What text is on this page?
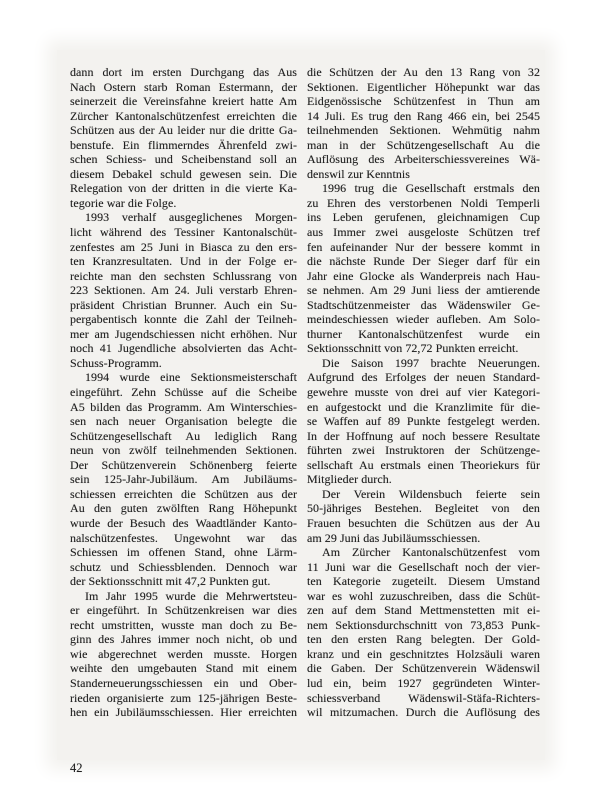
dann dort im ersten Durchgang das Aus
Nach Ostern starb Roman Estermann, der
seinerzeit die Vereinsfahne kreiert hatte Am
Zürcher Kantonalschützenfest erreichten die
Schützen aus der Au leider nur die dritte Ga-
benstufe. Ein flimmerndes Ährenfeld zwi-
schen Schiess- und Scheibenstand soll an
diesem Debakel schuld gewesen sein. Die
Relegation von der dritten in die vierte Ka-
tegorie war die Folge.
1993 verhalf ausgeglichenes Morgen-
licht während des Tessiner Kantonalschüt-
zenfestes am 25 Juni in Biasca zu den ers-
ten Kranzresultaten. Und in der Folge er-
reichte man den sechsten Schlussrang von
223 Sektionen. Am 24. Juli verstarb Ehren-
präsident Christian Brunner. Auch ein Su-
pergabentisch konnte die Zahl der Teilneh-
mer am Jugendschiessen nicht erhöhen. Nur
noch 41 Jugendliche absolvierten das Acht-
Schuss-Programm.
1994 wurde eine Sektionsmeisterschaft
eingeführt. Zehn Schüsse auf die Scheibe
A5 bilden das Programm. Am Winterschies-
sen nach neuer Organisation belegte die
Schützengesellschaft Au lediglich Rang
neun von zwölf teilnehmenden Sektionen.
Der Schützenverein Schönenberg feierte
sein 125-Jahr-Jubiläum. Am Jubiläums-
schiessen erreichten die Schützen aus der
Au den guten zwölften Rang Höhepunkt
wurde der Besuch des Waadtländer Kanto-
nalschützenfestes. Ungewohnt war das
Schiessen im offenen Stand, ohne Lärm-
schutz und Schiessblenden. Dennoch war
der Sektionsschnitt mit 47,2 Punkten gut.
Im Jahr 1995 wurde die Mehrwertsteu-
er eingeführt. In Schützenkreisen war dies
recht umstritten, wusste man doch zu Be-
ginn des Jahres immer noch nicht, ob und
wie abgerechnet werden musste. Horgen
weihte den umgebauten Stand mit einem
Standerneuerungsschiessen ein und Ober-
rieden organisierte zum 125-jährigen Beste-
hen ein Jubiläumsschiessen. Hier erreichten
die Schützen der Au den 13 Rang von 32
Sektionen. Eigentlicher Höhepunkt war das
Eidgenössische Schützenfest in Thun am
14 Juli. Es trug den Rang 466 ein, bei 2545
teilnehmenden Sektionen. Wehmütig nahm
man in der Schützengesellschaft Au die
Auflösung des Arbeiterschiessvereines Wä-
denswil zur Kenntnis
1996 trug die Gesellschaft erstmals den
zu Ehren des verstorbenen Noldi Temperli
ins Leben gerufenen, gleichnamigen Cup
aus Immer zwei ausgeloste Schützen tref
fen aufeinander Nur der bessere kommt in
die nächste Runde Der Sieger darf für ein
Jahr eine Glocke als Wanderpreis nach Hau-
se nehmen. Am 29 Juni liess der amtierende
Stadtschützenmeister das Wädenswiler Ge-
meindeschiessen wieder aufleben. Am Solo-
thurner Kantonalschützenfest wurde ein
Sektionsschnitt von 72,72 Punkten erreicht.
Die Saison 1997 brachte Neuerungen.
Aufgrund des Erfolges der neuen Standard-
gewehre musste von drei auf vier Kategori-
en aufgestockt und die Kranzlimite für die-
se Waffen auf 89 Punkte festgelegt werden.
In der Hoffnung auf noch bessere Resultate
führten zwei Instruktoren der Schützenge-
sellschaft Au erstmals einen Theoriekurs für
Mitglieder durch.
Der Verein Wildensbuch feierte sein
50-jähriges Bestehen. Begleitet von den
Frauen besuchten die Schützen aus der Au
am 29 Juni das Jubiläumsschiessen.
Am Zürcher Kantonalschützenfest vom
11 Juni war die Gesellschaft noch der vier-
ten Kategorie zugeteilt. Diesem Umstand
war es wohl zuzuschreiben, dass die Schüt-
zen auf dem Stand Mettmenstetten mit ei-
nem Sektionsdurchschnitt von 73,853 Punk-
ten den ersten Rang belegten. Der Gold-
kranz und ein geschnitztes Holzsäuli waren
die Gaben. Der Schützenverein Wädenswil
lud ein, beim 1927 gegründeten Winter-
schiessverband Wädenswil-Stäfa-Richters-
wil mitzumachen. Durch die Auflösung des
42
